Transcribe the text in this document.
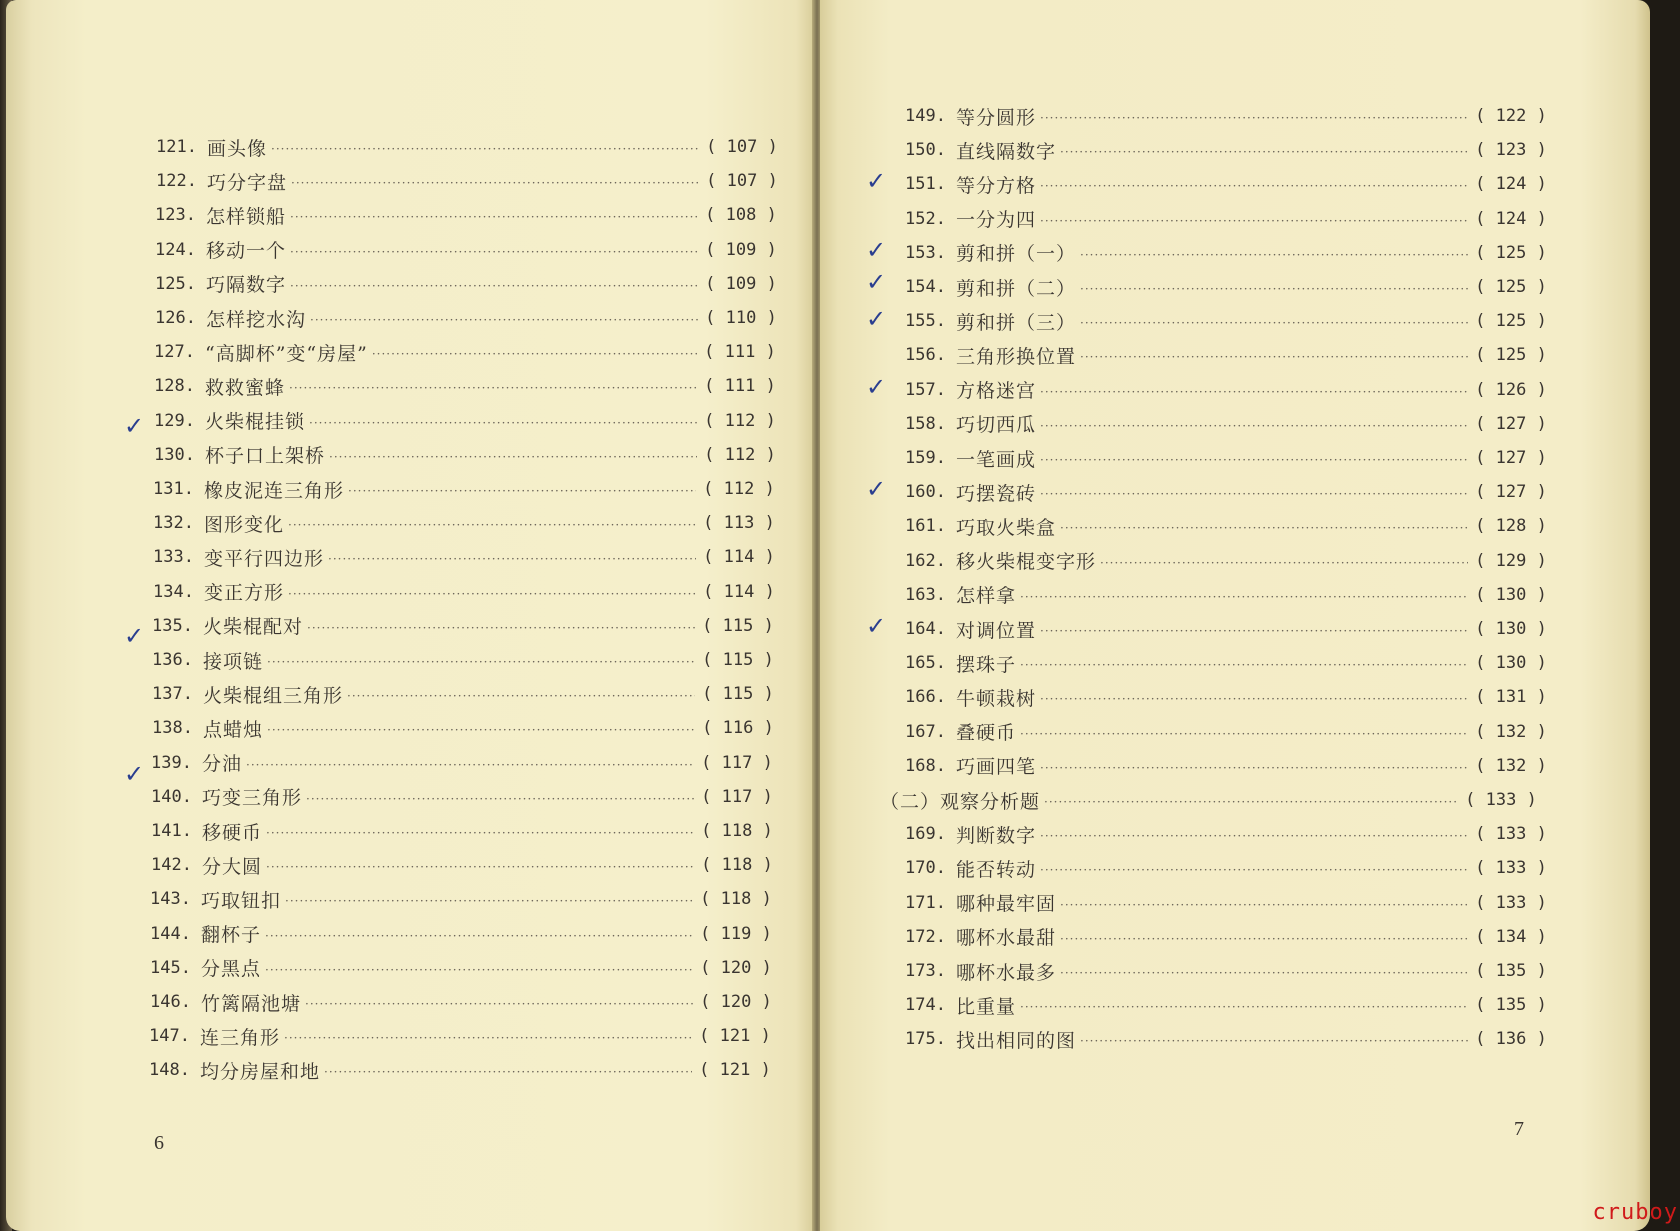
6
121. 画头像 ·····	( 107 )
122. 巧分字盘 ·····	( 107 )
123. 怎样锁船 ·····	( 108 )
124. 移动一个 ·····	( 109 )
125. 巧隔数字 ·····	( 109 )
126. 怎样挖水沟 ·····	( 110 )
127. “高脚杯”变“房屋” ·····	( 111 )
128. 救救蜜蜂 ·····	( 111 )
129. 火柴棍挂锁 ·····	( 112 )
130. 杯子口上架桥 ·····	( 112 )
131. 橡皮泥连三角形 ·····	( 112 )
132. 图形变化 ·····	( 113 )
133. 变平行四边形 ·····	( 114 )
134. 变正方形 ·····	( 114 )
135. 火柴棍配对 ·····	( 115 )
136. 接项链 ·····	( 115 )
137. 火柴棍组三角形 ·····	( 115 )
138. 点蜡烛 ·····	( 116 )
139. 分油 ·····	( 117 )
140. 巧变三角形 ·····	( 117 )
141. 移硬币 ·····	( 118 )
142. 分大圆 ·····	( 118 )
143. 巧取钮扣 ·····	( 118 )
144. 翻杯子 ·····	( 119 )
145. 分黑点 ·····	( 120 )
146. 竹篱隔池塘 ·····	( 120 )
147. 连三角形 ·····	( 121 )
148. 均分房屋和地 ·····	( 121 )
✓
✓
✓
7
149. 等分圆形 ·····	( 122 )
150. 直线隔数字 ·····	( 123 )
151. 等分方格 ·····	( 124 )
152. 一分为四 ·····	( 124 )
153. 剪和拼（一） ·····	( 125 )
154. 剪和拼（二） ·····	( 125 )
155. 剪和拼（三） ·····	( 125 )
156. 三角形换位置 ·····	( 125 )
157. 方格迷宫 ·····	( 126 )
158. 巧切西瓜 ·····	( 127 )
159. 一笔画成 ·····	( 127 )
160. 巧摆瓷砖 ·····	( 127 )
161. 巧取火柴盒 ·····	( 128 )
162. 移火柴棍变字形 ·····	( 129 )
163. 怎样拿 ·····	( 130 )
164. 对调位置 ·····	( 130 )
165. 摆珠子 ·····	( 130 )
166. 牛顿栽树 ·····	( 131 )
167. 叠硬币 ·····	( 132 )
168. 巧画四笔 ·····	( 132 )
（二）观察分析题 ·····	( 133 )
169. 判断数字 ·····	( 133 )
170. 能否转动 ·····	( 133 )
171. 哪种最牢固 ·····	( 133 )
172. 哪杯水最甜 ·····	( 134 )
173. 哪杯水最多 ·····	( 135 )
174. 比重量 ·····	( 135 )
175. 找出相同的图 ·····	( 136 )
✓
✓
✓
✓
✓
✓
✓
cruboy
